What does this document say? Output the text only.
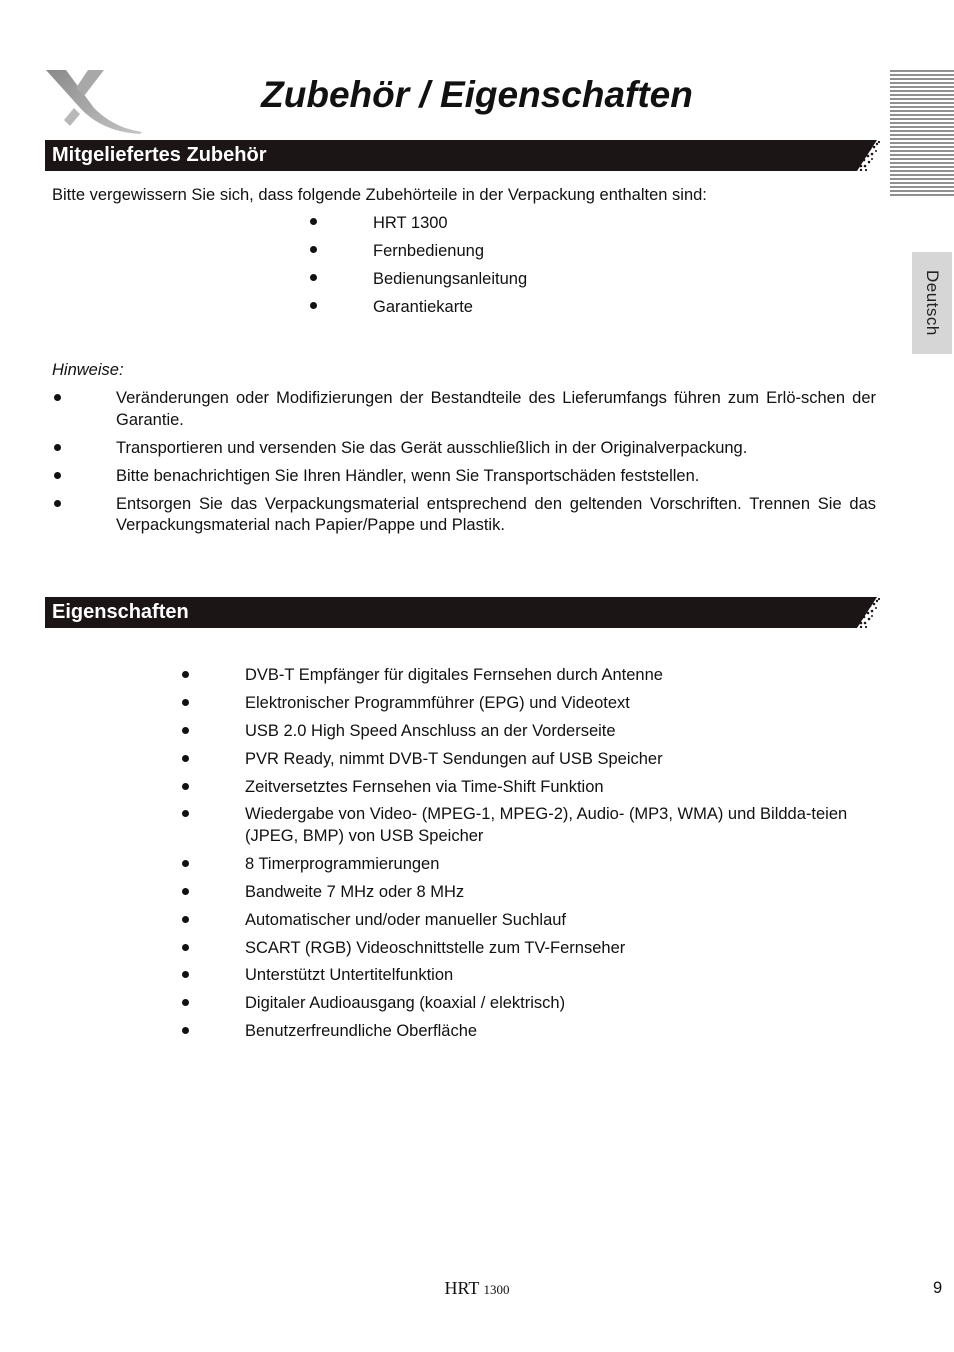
Zubehör / Eigenschaften
Deutsch
Mitgeliefertes Zubehör

Bitte vergewissern Sie sich, dass folgende Zubehörteile in der Verpackung enthalten sind:

HRT 1300
Fernbedienung
Bedienungsanleitung
Garantiekarte

Hinweise:

Veränderungen oder Modifizierungen der Bestandteile des Lieferumfangs führen zum Erlö-schen der Garantie.
Transportieren und versenden Sie das Gerät ausschließlich in der Originalverpackung.
Bitte benachrichtigen Sie Ihren Händler, wenn Sie Transportschäden feststellen.
Entsorgen Sie das Verpackungsmaterial entsprechend den geltenden Vorschriften. Trennen Sie das Verpackungsmaterial nach Papier/Pappe und Plastik.
Eigenschaften
DVB-T Empfänger für digitales Fernsehen durch Antenne
Elektronischer Programmführer (EPG) und Videotext
USB 2.0 High Speed Anschluss an der Vorderseite
PVR Ready, nimmt DVB-T Sendungen auf USB Speicher
Zeitversetztes Fernsehen via Time-Shift Funktion
Wiedergabe von Video- (MPEG-1, MPEG-2), Audio- (MP3, WMA) und Bildda-teien (JPEG, BMP) von USB Speicher
8 Timerprogrammierungen
Bandweite 7 MHz oder 8 MHz
Automatischer und/oder manueller Suchlauf
SCART (RGB) Videoschnittstelle zum TV-Fernseher
Unterstützt Untertitelfunktion
Digitaler Audioausgang (koaxial / elektrisch)
Benutzerfreundliche Oberfläche
HRT 1300	9
